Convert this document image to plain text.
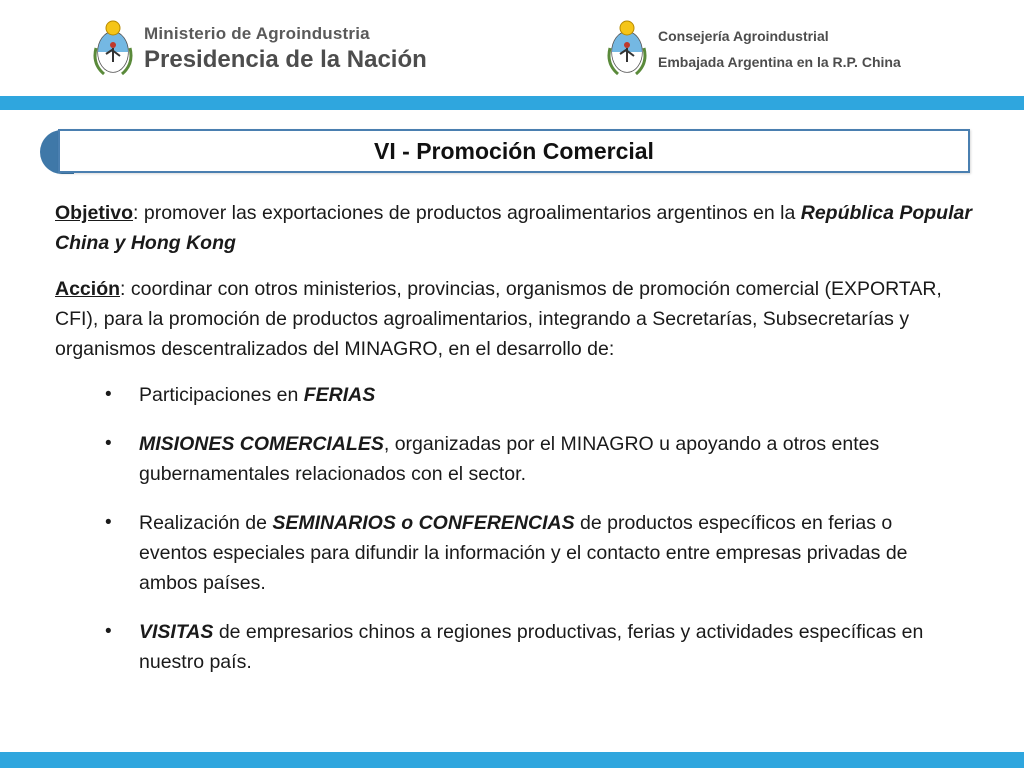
Ministerio de Agroindustria
Presidencia de la Nación
Consejería Agroindustrial
Embajada Argentina en la R.P. China
VI - Promoción Comercial

Objetivo: promover las exportaciones de productos agroalimentarios argentinos en la República Popular China y Hong Kong

Acción: coordinar con otros ministerios, provincias, organismos de promoción comercial (EXPORTAR, CFI), para la promoción de productos agroalimentarios, integrando a Secretarías, Subsecretarías y organismos descentralizados del MINAGRO, en el desarrollo de:

• Participaciones en FERIAS
• MISIONES COMERCIALES, organizadas por el MINAGRO u apoyando a otros entes gubernamentales relacionados con el sector.
• Realización de SEMINARIOS o CONFERENCIAS de productos específicos en ferias o eventos especiales para difundir la información y el contacto entre empresas privadas de ambos países.
• VISITAS de empresarios chinos a regiones productivas, ferias y actividades específicas en nuestro país.
